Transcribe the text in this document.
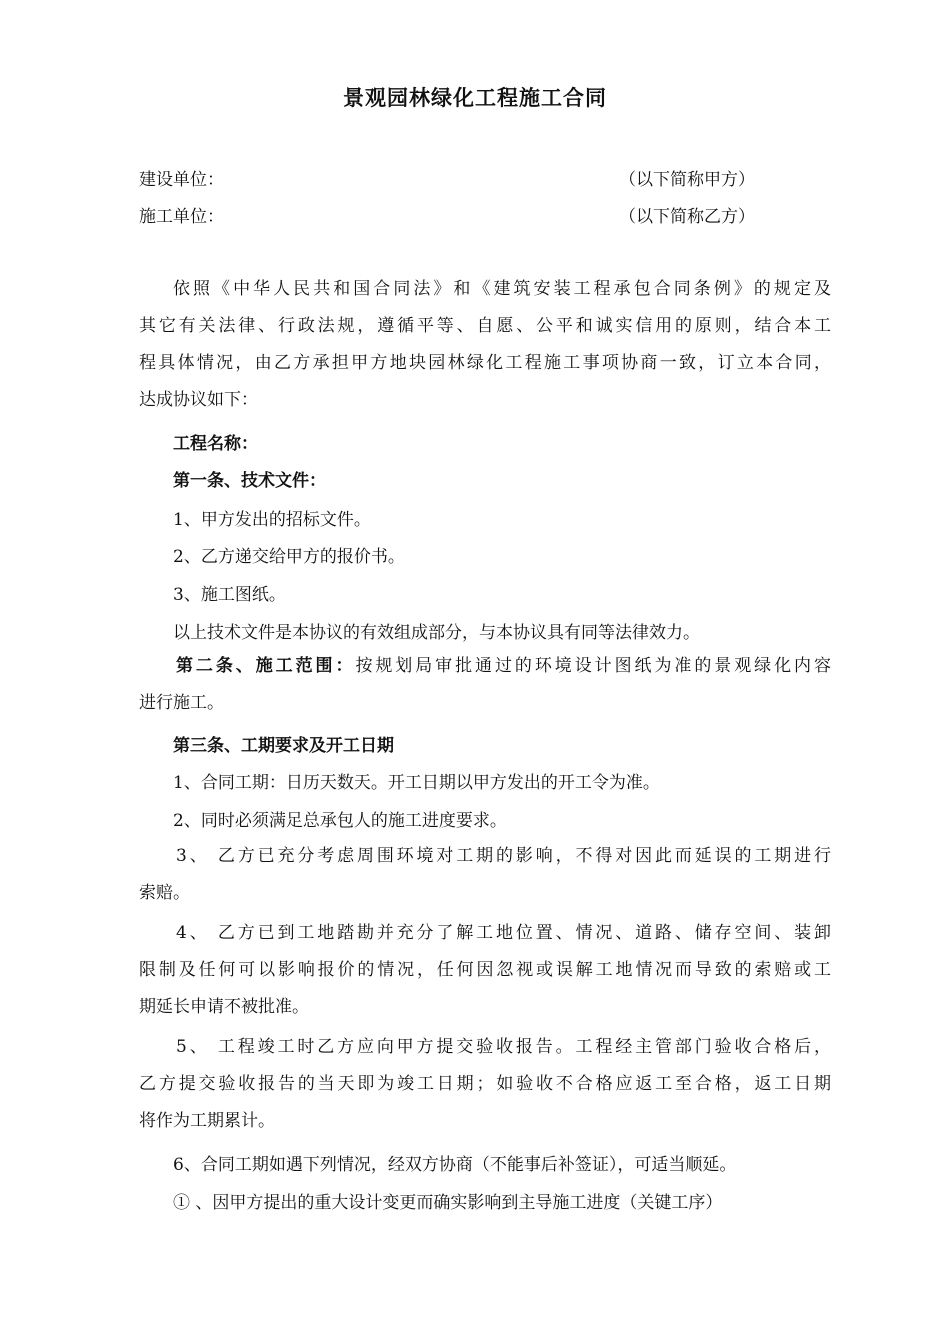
景观园林绿化工程施工合同
建设单位：	（以下简称甲方）
施工单位：	（以下简称乙方）
依照《中华人民共和国合同法》和《建筑安装工程承包合同条例》的规定及
其它有关法律、行政法规，遵循平等、自愿、公平和诚实信用的原则，结合本工
程具体情况，由乙方承担甲方地块园林绿化工程施工事项协商一致，订立本合同，
达成协议如下：
工程名称：
第一条、技术文件：
1、甲方发出的招标文件。
2、乙方递交给甲方的报价书。
3、施工图纸。
以上技术文件是本协议的有效组成部分，与本协议具有同等法律效力。
第二条、施工范围：按规划局审批通过的环境设计图纸为准的景观绿化内容
进行施工。
第三条、工期要求及开工日期
1、合同工期：日历天数天。开工日期以甲方发出的开工令为准。
2、同时必须满足总承包人的施工进度要求。
3、 乙方已充分考虑周围环境对工期的影响，不得对因此而延误的工期进行
索赔。
4、 乙方已到工地踏勘并充分了解工地位置、情况、道路、储存空间、装卸
限制及任何可以影响报价的情况，任何因忽视或误解工地情况而导致的索赔或工
期延长申请不被批准。
5、 工程竣工时乙方应向甲方提交验收报告。工程经主管部门验收合格后，
乙方提交验收报告的当天即为竣工日期；如验收不合格应返工至合格，返工日期
将作为工期累计。
6、合同工期如遇下列情况，经双方协商（不能事后补签证），可适当顺延。
① 、因甲方提出的重大设计变更而确实影响到主导施工进度（关键工序）
